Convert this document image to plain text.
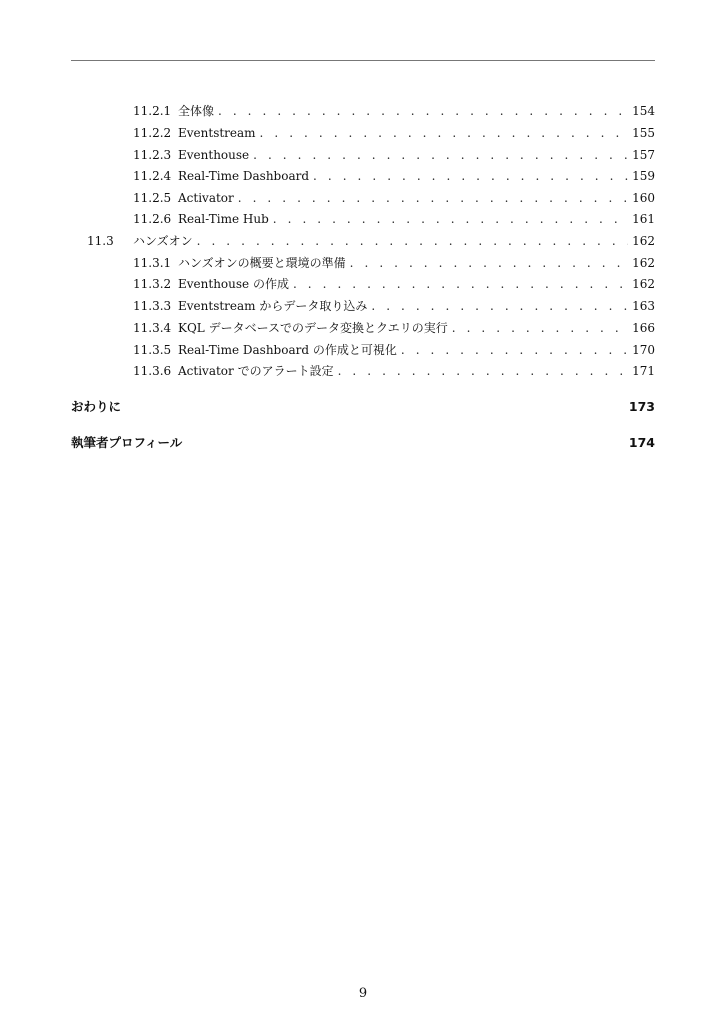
11.2.1 全体像 . . .	154
11.2.2 Eventstream . . .	155
11.2.3 Eventhouse . . .	157
11.2.4 Real-Time Dashboard . . .	159
11.2.5 Activator . . .	160
11.2.6 Real-Time Hub . . .	161
11.3	ハンズオン . . .	162
11.3.1 ハンズオンの概要と環境の準備 . . .	162
11.3.2 Eventhouse の作成 . . .	162
11.3.3 Eventstream からデータ取り込み . . .	163
11.3.4 KQL データベースでのデータ変換とクエリの実行 . . .	166
11.3.5 Real-Time Dashboard の作成と可視化 . . .	170
11.3.6 Activator でのアラート設定 . . .	171
おわりに	173
執筆者プロフィール	174
9
